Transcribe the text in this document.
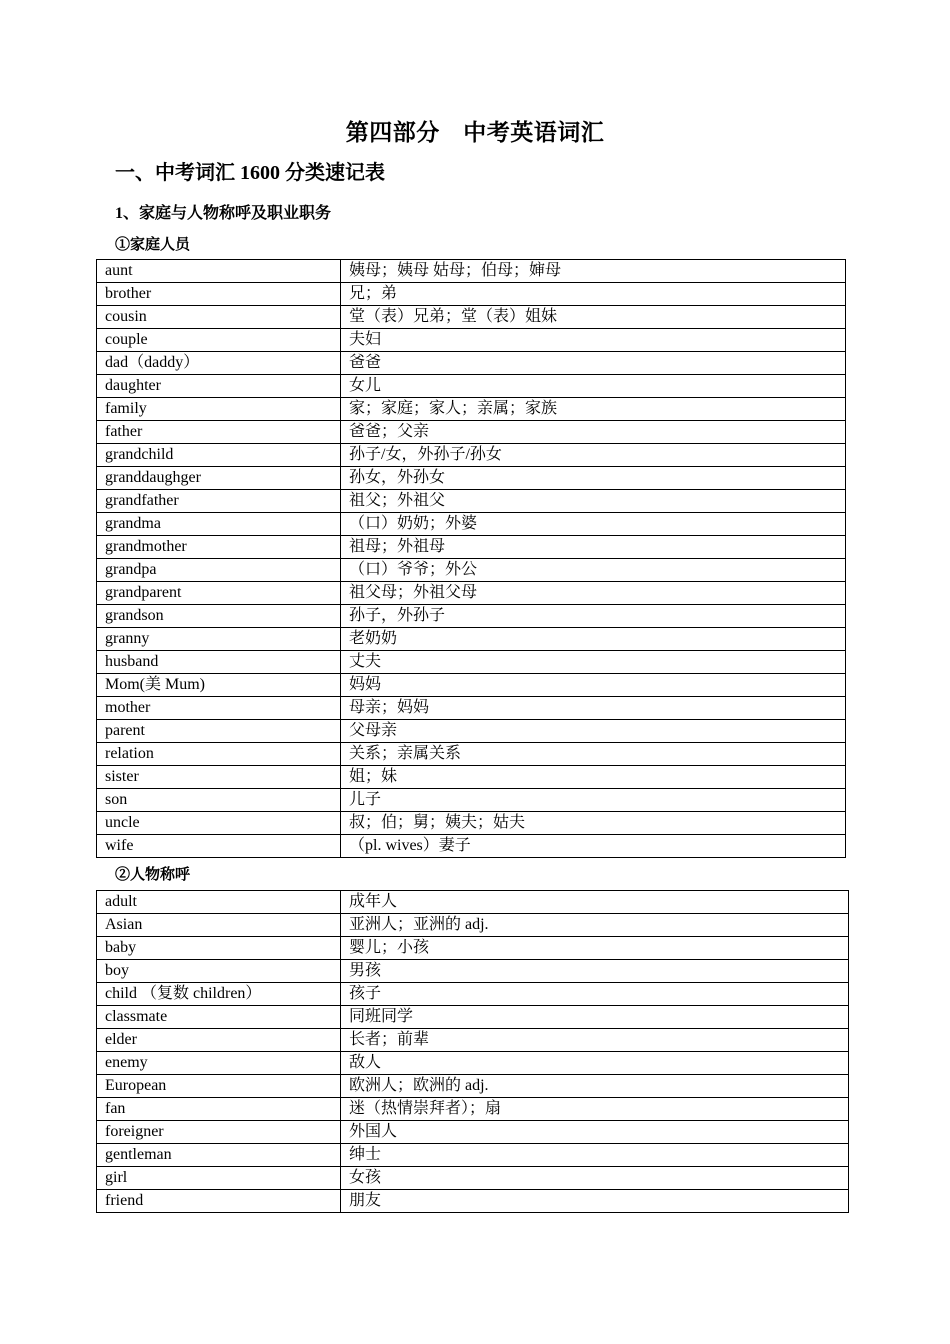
第四部分　中考英语词汇
一、中考词汇 1600 分类速记表
1、家庭与人物称呼及职业职务
①家庭人员
aunt	姨母；姨母 姑母；伯母；婶母
brother	兄；弟
cousin	堂（表）兄弟；堂（表）姐妹
couple	夫妇
dad（daddy）	爸爸
daughter	女儿
family	家；家庭；家人；亲属；家族
father	爸爸；父亲
grandchild	孙子/女，外孙子/孙女
granddaughger	孙女，外孙女
grandfather	祖父；外祖父
grandma	（口）奶奶；外婆
grandmother	祖母；外祖母
grandpa	（口）爷爷；外公
grandparent	祖父母；外祖父母
grandson	孙子，外孙子
granny	老奶奶
husband	丈夫
Mom(美 Mum)	妈妈
mother	母亲；妈妈
parent	父母亲
relation	关系；亲属关系
sister	姐；妹
son	儿子
uncle	叔；伯；舅；姨夫；姑夫
wife	（pl. wives）妻子
②人物称呼
adult	成年人
Asian	亚洲人；亚洲的 adj.
baby	婴儿；小孩
boy	男孩
child （复数 children）	孩子
classmate	同班同学
elder	长者；前辈
enemy	敌人
European	欧洲人；欧洲的 adj.
fan	迷（热情崇拜者）；扇
foreigner	外国人
gentleman	绅士
girl	女孩
friend	朋友
